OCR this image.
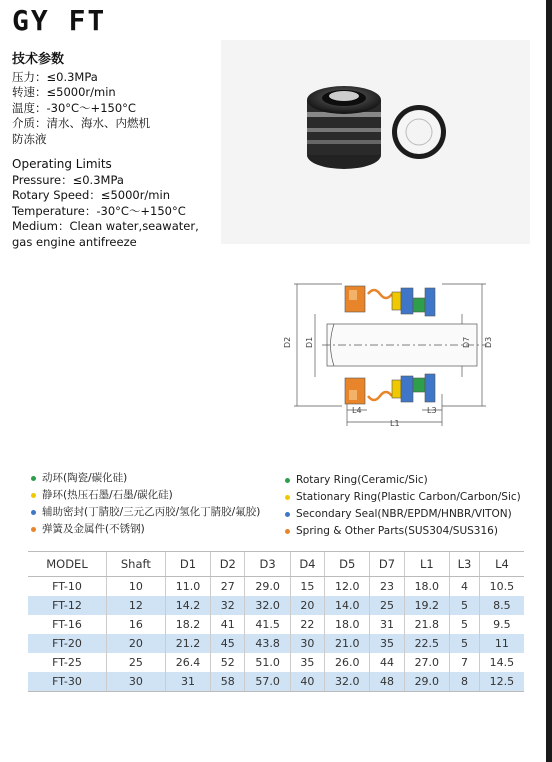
GY FT
技术参数
压力：≤0.3MPa
转速：≤5000r/min
温度：-30°C～+150°C
介质：清水、海水、内燃机
防冻液
Operating Limits
Pressure：≤0.3MPa
Rotary Speed：≤5000r/min
Temperature：-30°C～+150°C
Medium：Clean water,seawater,
gas engine antifreeze
D2 D1	D7 D3
L4	L3
L1
动环(陶瓷/碳化硅)
静环(热压石墨/石墨/碳化硅)
辅助密封(丁腈胶/三元乙丙胶/氢化丁腈胶/氟胶)
弹簧及金属件(不锈钢)
Rotary Ring(Ceramic/Sic)
Stationary Ring(Plastic Carbon/Carbon/Sic)
Secondary Seal(NBR/EPDM/HNBR/VITON)
Spring & Other Parts(SUS304/SUS316)
MODEL	Shaft	D1	D2	D3	D4	D5	D7	L1	L3	L4
FT-10	10	11.0	27	29.0	15	12.0	23	18.0	4	10.5
FT-12	12	14.2	32	32.0	20	14.0	25	19.2	5	8.5
FT-16	16	18.2	41	41.5	22	18.0	31	21.8	5	9.5
FT-20	20	21.2	45	43.8	30	21.0	35	22.5	5	11
FT-25	25	26.4	52	51.0	35	26.0	44	27.0	7	14.5
FT-30	30	31	58	57.0	40	32.0	48	29.0	8	12.5
